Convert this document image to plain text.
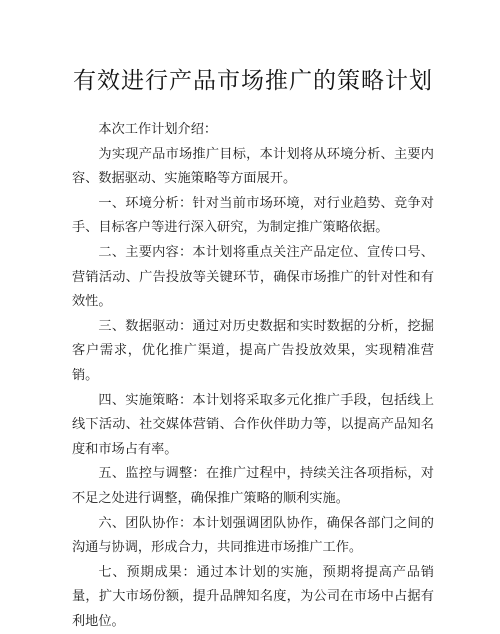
有效进行产品市场推广的策略计划

本次工作计划介绍：

为实现产品市场推广目标，本计划将从环境分析、主要内容、数据驱动、实施策略等方面展开。

一、环境分析：针对当前市场环境，对行业趋势、竞争对手、目标客户等进行深入研究，为制定推广策略依据。

二、主要内容：本计划将重点关注产品定位、宣传口号、营销活动、广告投放等关键环节，确保市场推广的针对性和有效性。

三、数据驱动：通过对历史数据和实时数据的分析，挖掘客户需求，优化推广渠道，提高广告投放效果，实现精准营销。

四、实施策略：本计划将采取多元化推广手段，包括线上线下活动、社交媒体营销、合作伙伴助力等，以提高产品知名度和市场占有率。

五、监控与调整：在推广过程中，持续关注各项指标，对不足之处进行调整，确保推广策略的顺利实施。

六、团队协作：本计划强调团队协作，确保各部门之间的沟通与协调，形成合力，共同推进市场推广工作。

七、预期成果：通过本计划的实施，预期将提高产品销量，扩大市场份额，提升品牌知名度，为公司在市场中占据有利地位。
